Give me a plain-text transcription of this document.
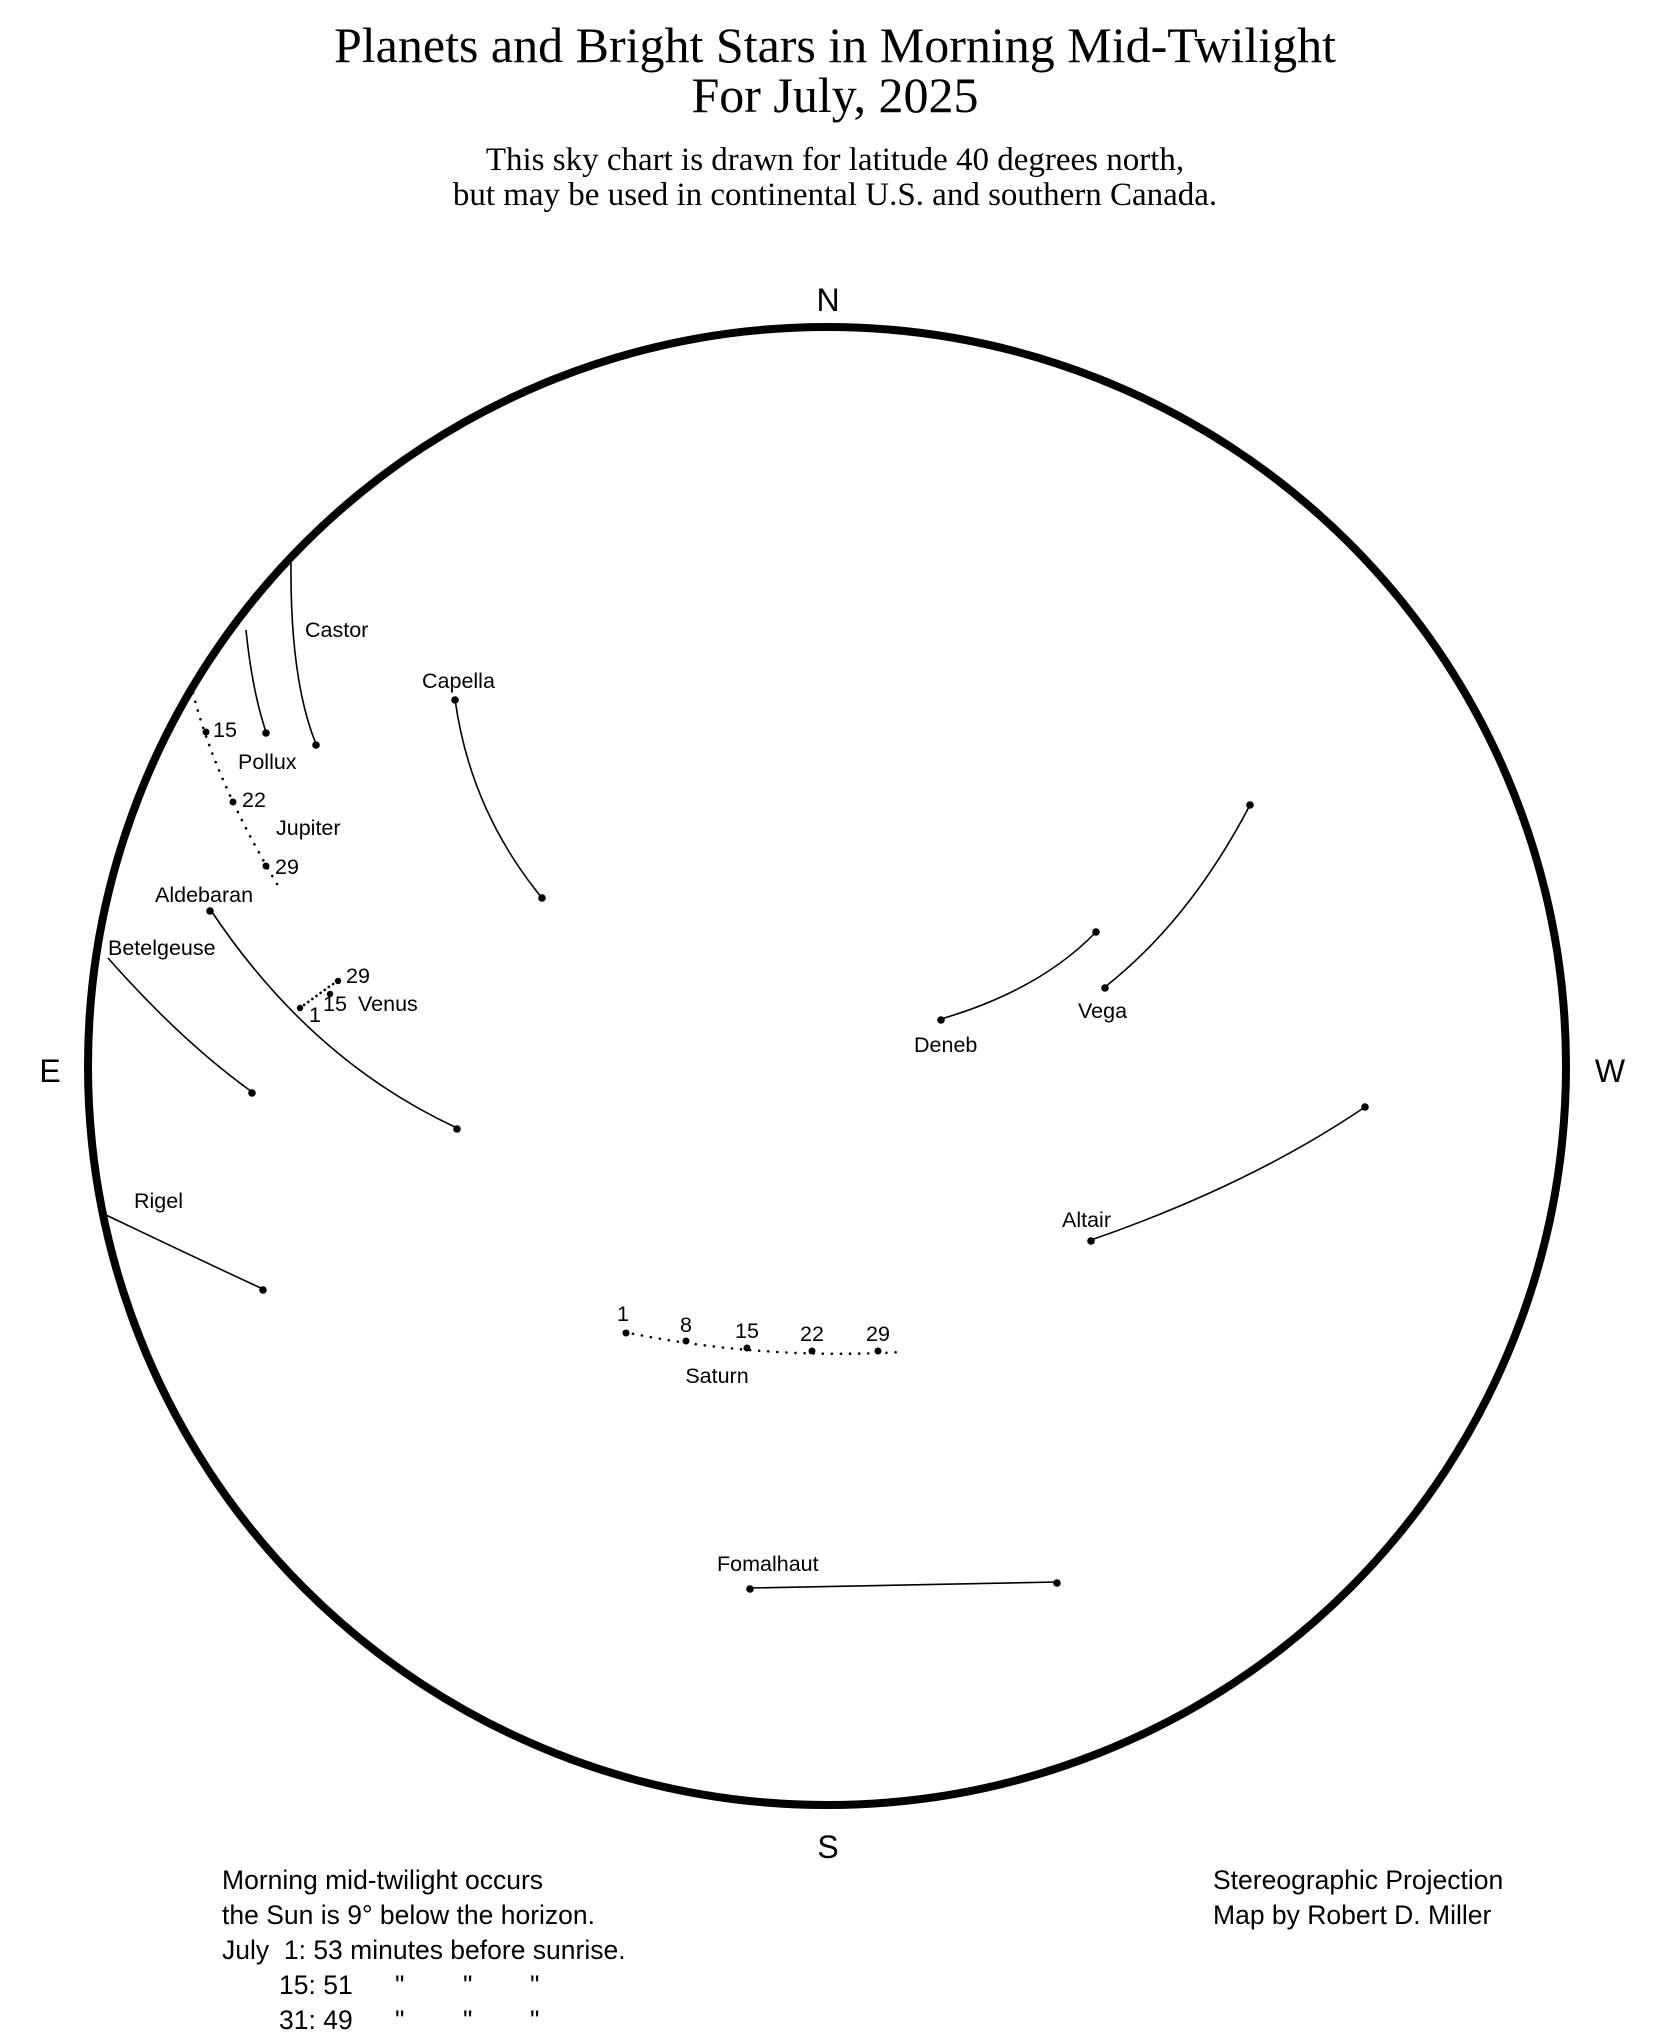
Planets and Bright Stars in Morning Mid-Twilight
For July, 2025
This sky chart is drawn for latitude 40 degrees north,
but may be used in continental U.S. and southern Canada.
N
S
E	W
Castor
Pollux
Capella
Aldebaran
Betelgeuse
Rigel
Deneb
Vega
Altair
Fomalhaut
15
22
29
Jupiter
1 15
29
Venus
1 8 15 22 29
Saturn
Morning mid-twilight occurs
the Sun is 9° below the horizon.
July  1: 53 minutes before sunrise.
15: 51 " " "
31: 49 " " "
Stereographic Projection
Map by Robert D. Miller
